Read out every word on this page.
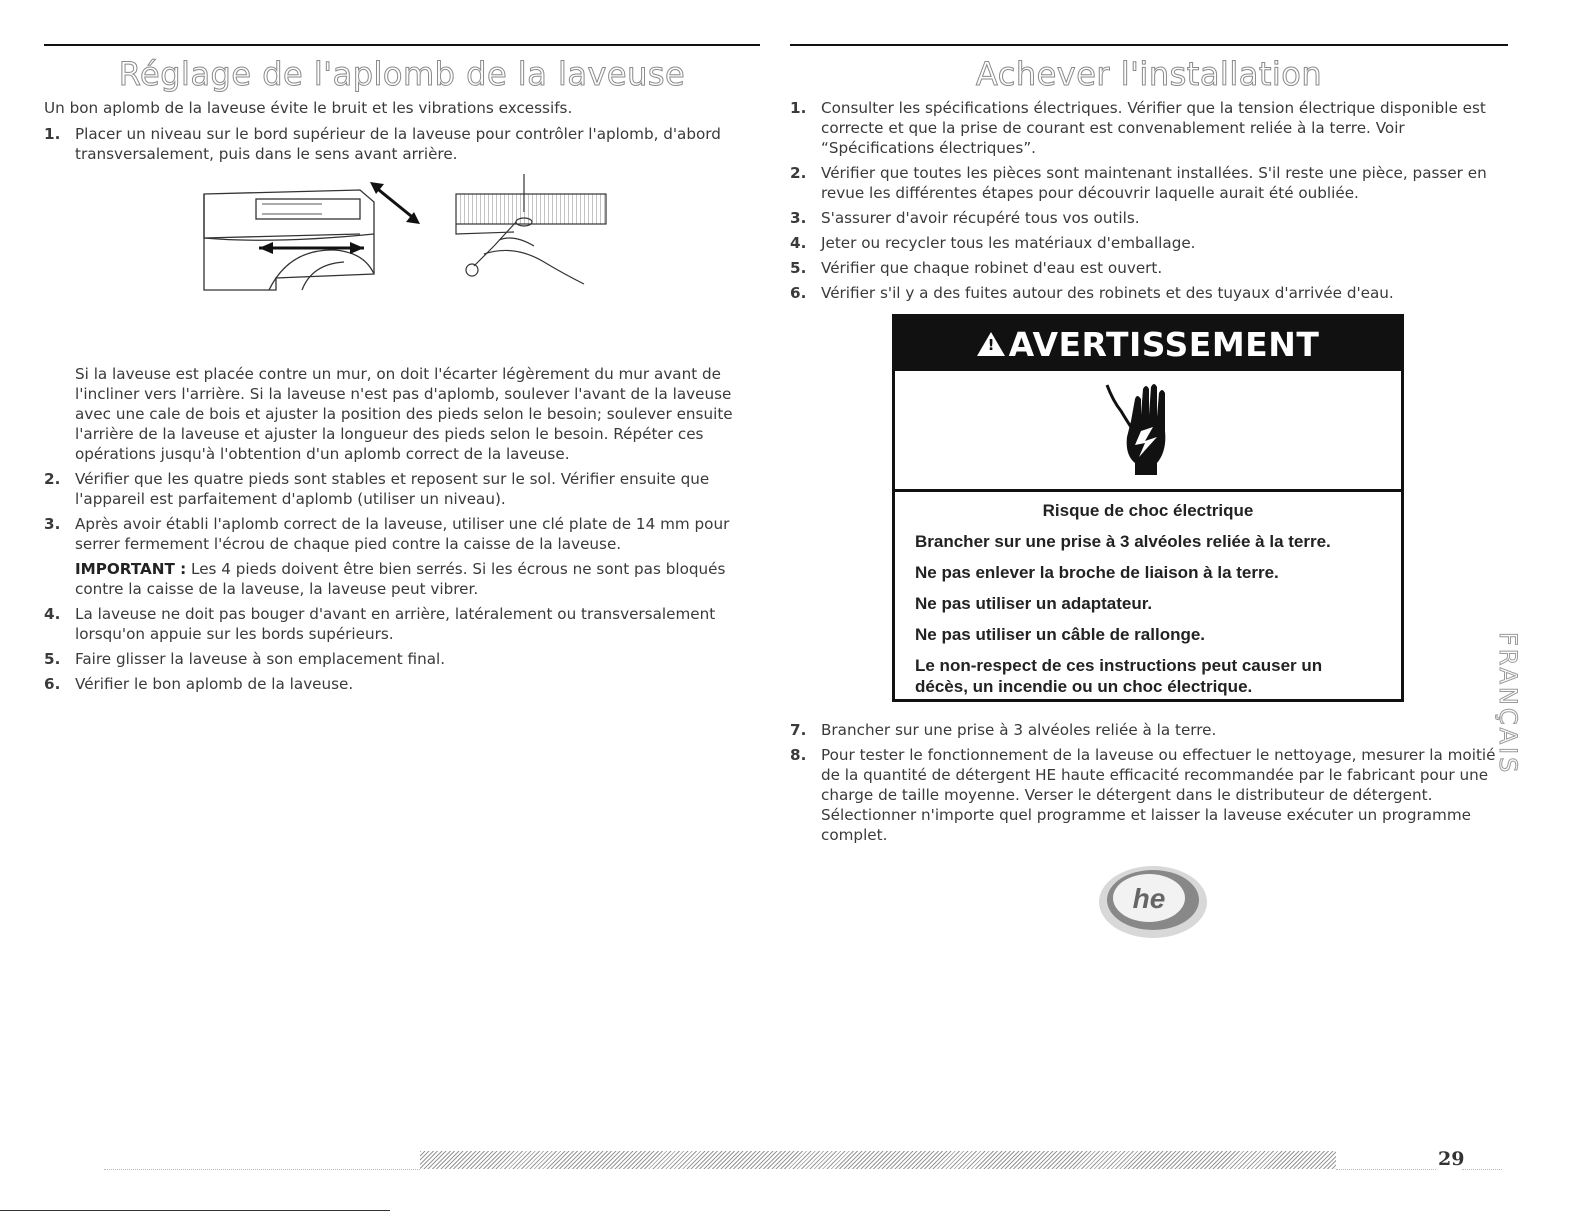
Réglage de l'aplomb de la laveuse

Un bon aplomb de la laveuse évite le bruit et les vibrations excessifs.

1. Placer un niveau sur le bord supérieur de la laveuse pour contrôler l'aplomb, d'abord transversalement, puis dans le sens avant arrière.

Si la laveuse est placée contre un mur, on doit l'écarter légèrement du mur avant de l'incliner vers l'arrière. Si la laveuse n'est pas d'aplomb, soulever l'avant de la laveuse avec une cale de bois et ajuster la position des pieds selon le besoin; soulever ensuite l'arrière de la laveuse et ajuster la longueur des pieds selon le besoin. Répéter ces opérations jusqu'à l'obtention d'un aplomb correct de la laveuse.

2. Vérifier que les quatre pieds sont stables et reposent sur le sol. Vérifier ensuite que l'appareil est parfaitement d'aplomb (utiliser un niveau).
3. Après avoir établi l'aplomb correct de la laveuse, utiliser une clé plate de 14 mm pour serrer fermement l'écrou de chaque pied contre la caisse de la laveuse.

IMPORTANT : Les 4 pieds doivent être bien serrés. Si les écrous ne sont pas bloqués contre la caisse de la laveuse, la laveuse peut vibrer.

4. La laveuse ne doit pas bouger d'avant en arrière, latéralement ou transversalement lorsqu'on appuie sur les bords supérieurs.
5. Faire glisser la laveuse à son emplacement final.
6. Vérifier le bon aplomb de la laveuse.
Achever l'installation
1. Consulter les spécifications électriques. Vérifier que la tension électrique disponible est correcte et que la prise de courant est convenablement reliée à la terre. Voir “Spécifications électriques”.
2. Vérifier que toutes les pièces sont maintenant installées. S'il reste une pièce, passer en revue les différentes étapes pour découvrir laquelle aurait été oubliée.
3. S'assurer d'avoir récupéré tous vos outils.
4. Jeter ou recycler tous les matériaux d'emballage.
5. Vérifier que chaque robinet d'eau est ouvert.
6. Vérifier s'il y a des fuites autour des robinets et des tuyaux d'arrivée d'eau.
7. Brancher sur une prise à 3 alvéoles reliée à la terre.
8. Pour tester le fonctionnement de la laveuse ou effectuer le nettoyage, mesurer la moitié de la quantité de détergent HE haute efficacité recommandée par le fabricant pour une charge de taille moyenne. Verser le détergent dans le distributeur de détergent. Sélectionner n'importe quel programme et laisser la laveuse exécuter un programme complet.
! AVERTISSEMENT
Risque de choc électrique
Brancher sur une prise à 3 alvéoles reliée à la terre.
Ne pas enlever la broche de liaison à la terre.
Ne pas utiliser un adaptateur.
Ne pas utiliser un câble de rallonge.
Le non-respect de ces instructions peut causer un décès, un incendie ou un choc électrique.
he
FRANÇAIS
29
